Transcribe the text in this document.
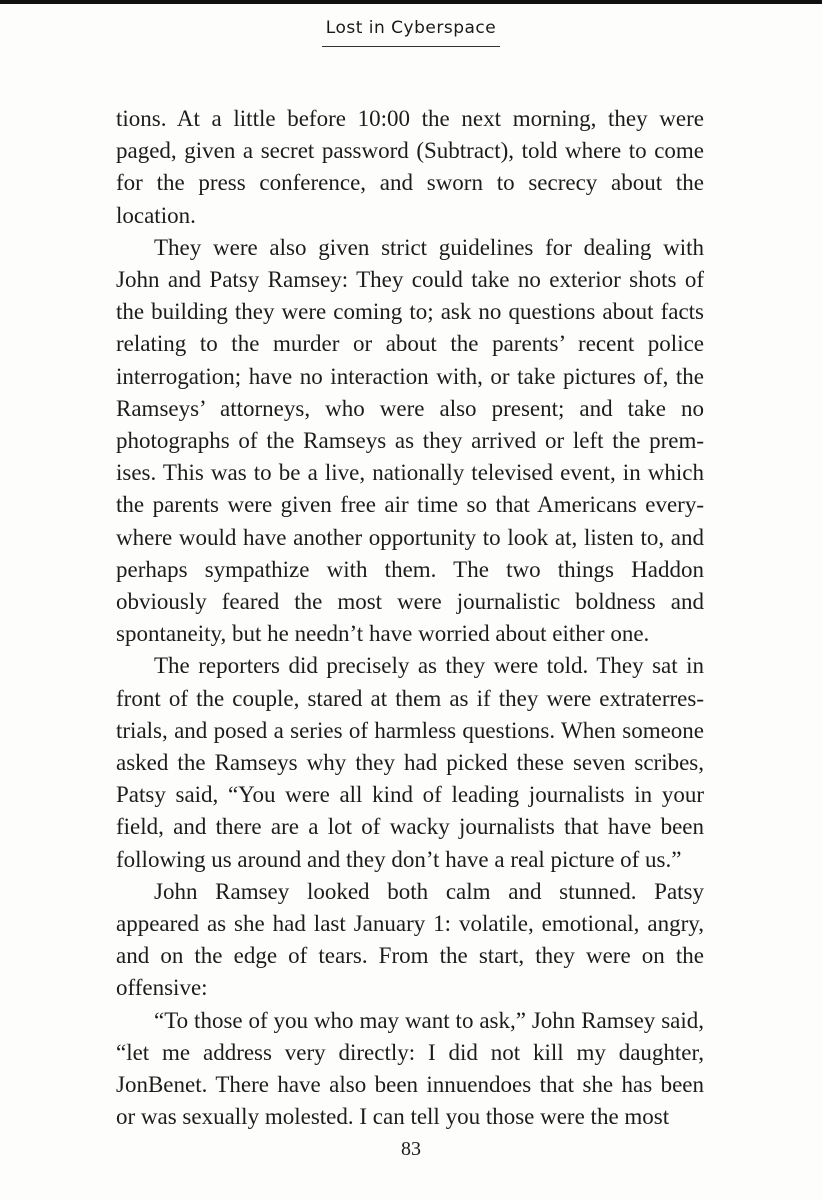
Lost in Cyberspace

tions. At a little before 10:00 the next morning, they were paged, given a secret password (Subtract), told where to come for the press conference, and sworn to secrecy about the location.

They were also given strict guidelines for dealing with John and Patsy Ramsey: They could take no exterior shots of the building they were coming to; ask no questions about facts relating to the murder or about the parents’ recent police interrogation; have no interaction with, or take pictures of, the Ramseys’ attorneys, who were also present; and take no photographs of the Ramseys as they arrived or left the premises. This was to be a live, nationally televised event, in which the parents were given free air time so that Americans everywhere would have another opportunity to look at, listen to, and perhaps sympathize with them. The two things Haddon obviously feared the most were journalistic boldness and spontaneity, but he needn’t have worried about either one.

The reporters did precisely as they were told. They sat in front of the couple, stared at them as if they were extraterrestrials, and posed a series of harmless questions. When someone asked the Ramseys why they had picked these seven scribes, Patsy said, “You were all kind of leading journalists in your field, and there are a lot of wacky journalists that have been following us around and they don’t have a real picture of us.”

John Ramsey looked both calm and stunned. Patsy appeared as she had last January 1: volatile, emotional, angry, and on the edge of tears. From the start, they were on the offensive:

“To those of you who may want to ask,” John Ramsey said, “let me address very directly: I did not kill my daughter, JonBenet. There have also been innuendoes that she has been or was sexually molested. I can tell you those were the most

83
